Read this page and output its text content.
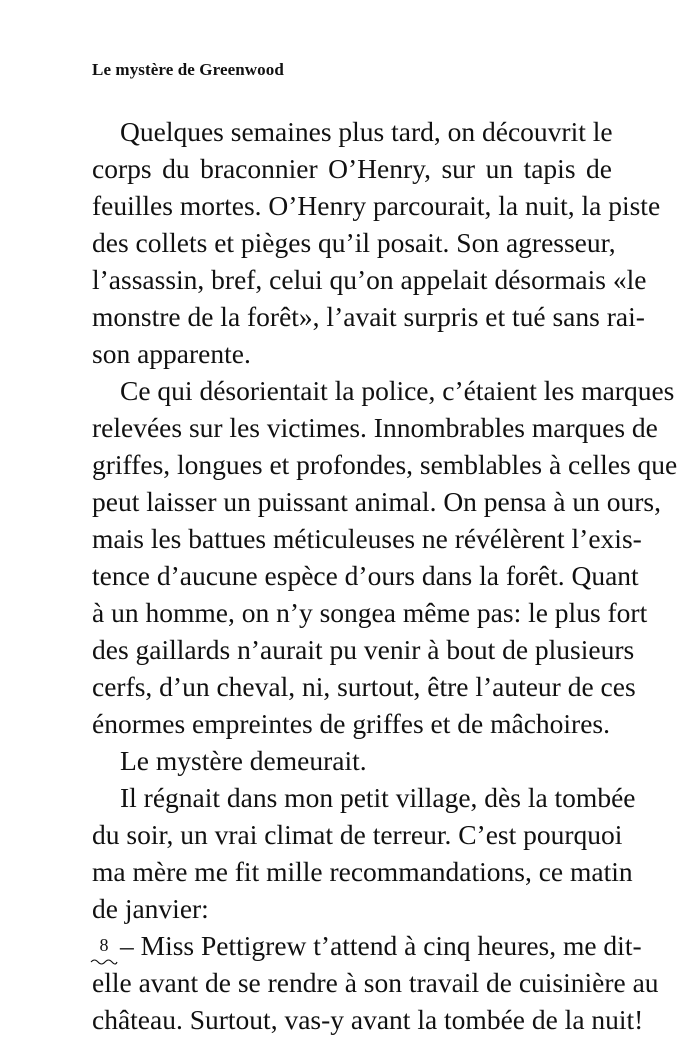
Le mystère de Greenwood
Quelques semaines plus tard, on découvrit le
corps du braconnier O’Henry, sur un tapis de
feuilles mortes. O’Henry parcourait, la nuit, la piste
des collets et pièges qu’il posait. Son agresseur,
l’assassin, bref, celui qu’on appelait désormais «le
monstre de la forêt», l’avait surpris et tué sans rai-
son apparente.
Ce qui désorientait la police, c’étaient les marques
relevées sur les victimes. Innombrables marques de
griffes, longues et profondes, semblables à celles que
peut laisser un puissant animal. On pensa à un ours,
mais les battues méticuleuses ne révélèrent l’exis-
tence d’aucune espèce d’ours dans la forêt. Quant
à un homme, on n’y songea même pas: le plus fort
des gaillards n’aurait pu venir à bout de plusieurs
cerfs, d’un cheval, ni, surtout, être l’auteur de ces
énormes empreintes de griffes et de mâchoires.
Le mystère demeurait.
Il régnait dans mon petit village, dès la tombée
du soir, un vrai climat de terreur. C’est pourquoi
ma mère me fit mille recommandations, ce matin
de janvier:
– Miss Pettigrew t’attend à cinq heures, me dit-
elle avant de se rendre à son travail de cuisinière au
château. Surtout, vas-y avant la tombée de la nuit!
8
